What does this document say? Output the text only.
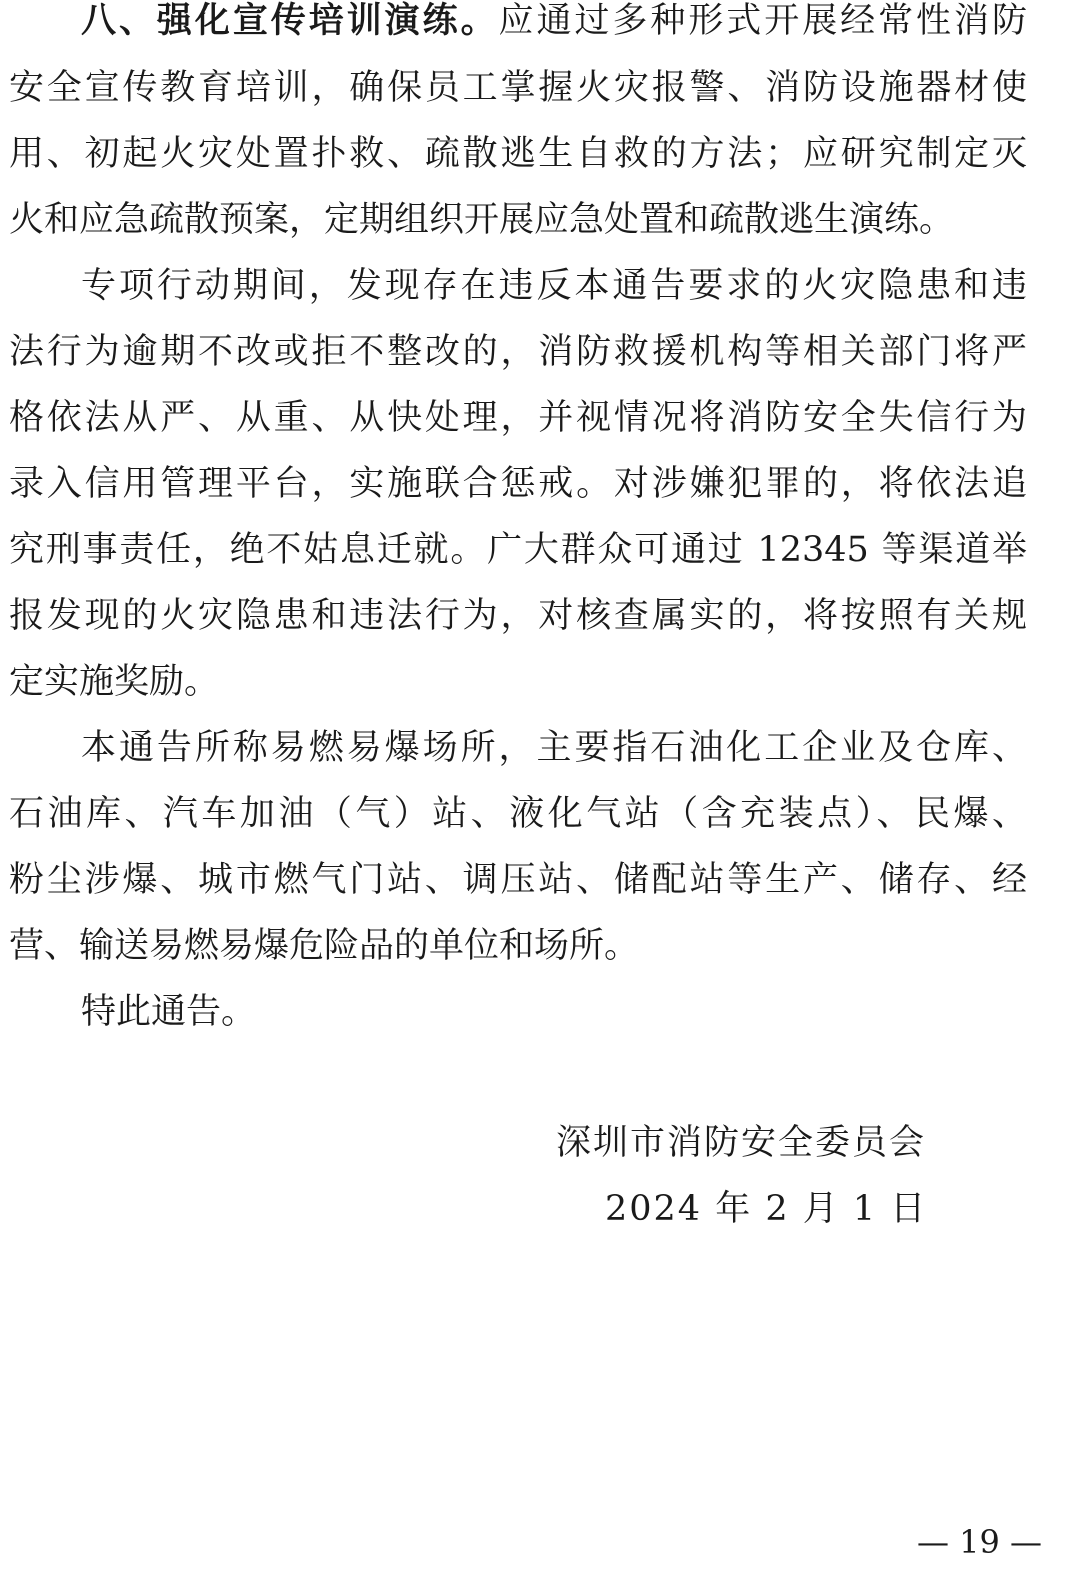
八、强化宣传培训演练。应通过多种形式开展经常性消防
安全宣传教育培训，确保员工掌握火灾报警、消防设施器材使
用、初起火灾处置扑救、疏散逃生自救的方法；应研究制定灭
火和应急疏散预案，定期组织开展应急处置和疏散逃生演练。
专项行动期间，发现存在违反本通告要求的火灾隐患和违
法行为逾期不改或拒不整改的，消防救援机构等相关部门将严
格依法从严、从重、从快处理，并视情况将消防安全失信行为
录入信用管理平台，实施联合惩戒。对涉嫌犯罪的，将依法追
究刑事责任，绝不姑息迁就。广大群众可通过 12345 等渠道举
报发现的火灾隐患和违法行为，对核查属实的，将按照有关规
定实施奖励。
本通告所称易燃易爆场所，主要指石油化工企业及仓库、
石油库、汽车加油（气）站、液化气站（含充装点）、民爆、
粉尘涉爆、城市燃气门站、调压站、储配站等生产、储存、经
营、输送易燃易爆危险品的单位和场所。
特此通告。
深圳市消防安全委员会
2024 年 2 月 1 日
— 19 —
